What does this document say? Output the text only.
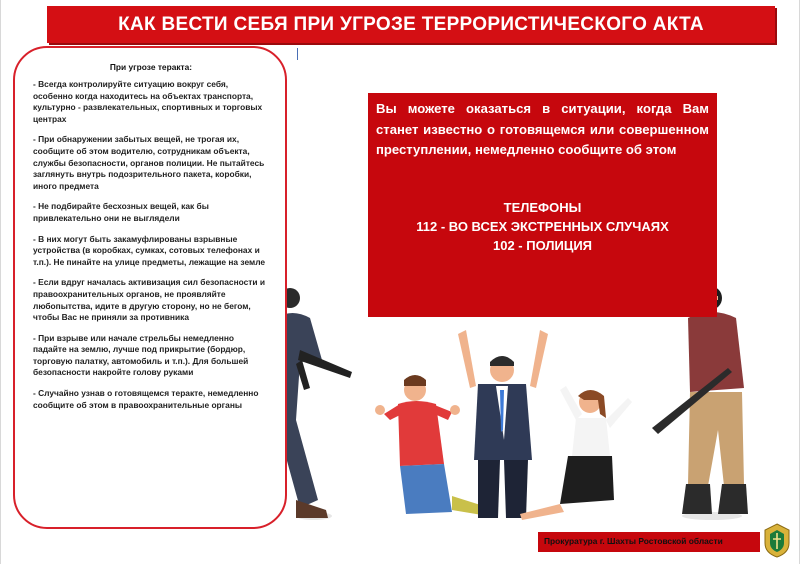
КАК ВЕСТИ СЕБЯ ПРИ УГРОЗЕ ТЕРРОРИСТИЧЕСКОГО АКТА
При угрозе теракта:
- Всегда контролируйте ситуацию вокруг себя, особенно когда находитесь на объектах транспорта, культурно - развлекательных, спортивных и торговых центрах
- При обнаружении забытых вещей, не трогая их, сообщите об этом водителю, сотрудникам объекта, службы безопасности, органов полиции. Не пытайтесь заглянуть внутрь подозрительного пакета, коробки, иного предмета
- Не подбирайте бесхозных вещей, как бы привлекательно они не выглядели
- В них могут быть закамуфлированы взрывные устройства (в коробках, сумках, сотовых телефонах и т.п.). Не пинайте на улице предметы, лежащие на земле
- Если вдруг началась активизация сил безопасности и правоохранительных органов, не проявляйте любопытства, идите в другую сторону, но не бегом, чтобы Вас не приняли за противника
- При взрыве или начале стрельбы немедленно падайте на землю, лучше под прикрытие (бордюр, торговую палатку, автомобиль и т.п.). Для большей безопасности накройте голову руками
- Случайно узнав о готовящемся теракте, немедленно сообщите об этом в правоохранительные органы
Вы можете оказаться в ситуации, когда Вам станет известно о готовящемся или совершенном преступлении, немедленно сообщите об этом
ТЕЛЕФОНЫ
112 - ВО ВСЕХ ЭКСТРЕННЫХ СЛУЧАЯХ
102 - ПОЛИЦИЯ
Прокуратура г. Шахты Ростовской области
